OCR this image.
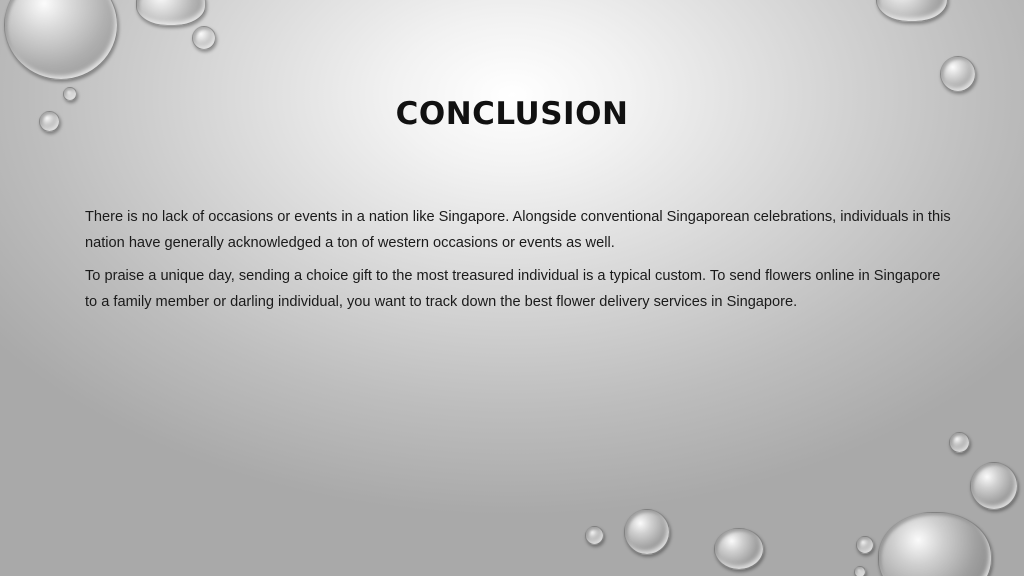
CONCLUSION

There is no lack of occasions or events in a nation like Singapore. Alongside conventional Singaporean celebrations, individuals in this nation have generally acknowledged a ton of western occasions or events as well.

To praise a unique day, sending a choice gift to the most treasured individual is a typical custom. To send flowers online in Singapore to a family member or darling individual, you want to track down the best flower delivery services in Singapore.
